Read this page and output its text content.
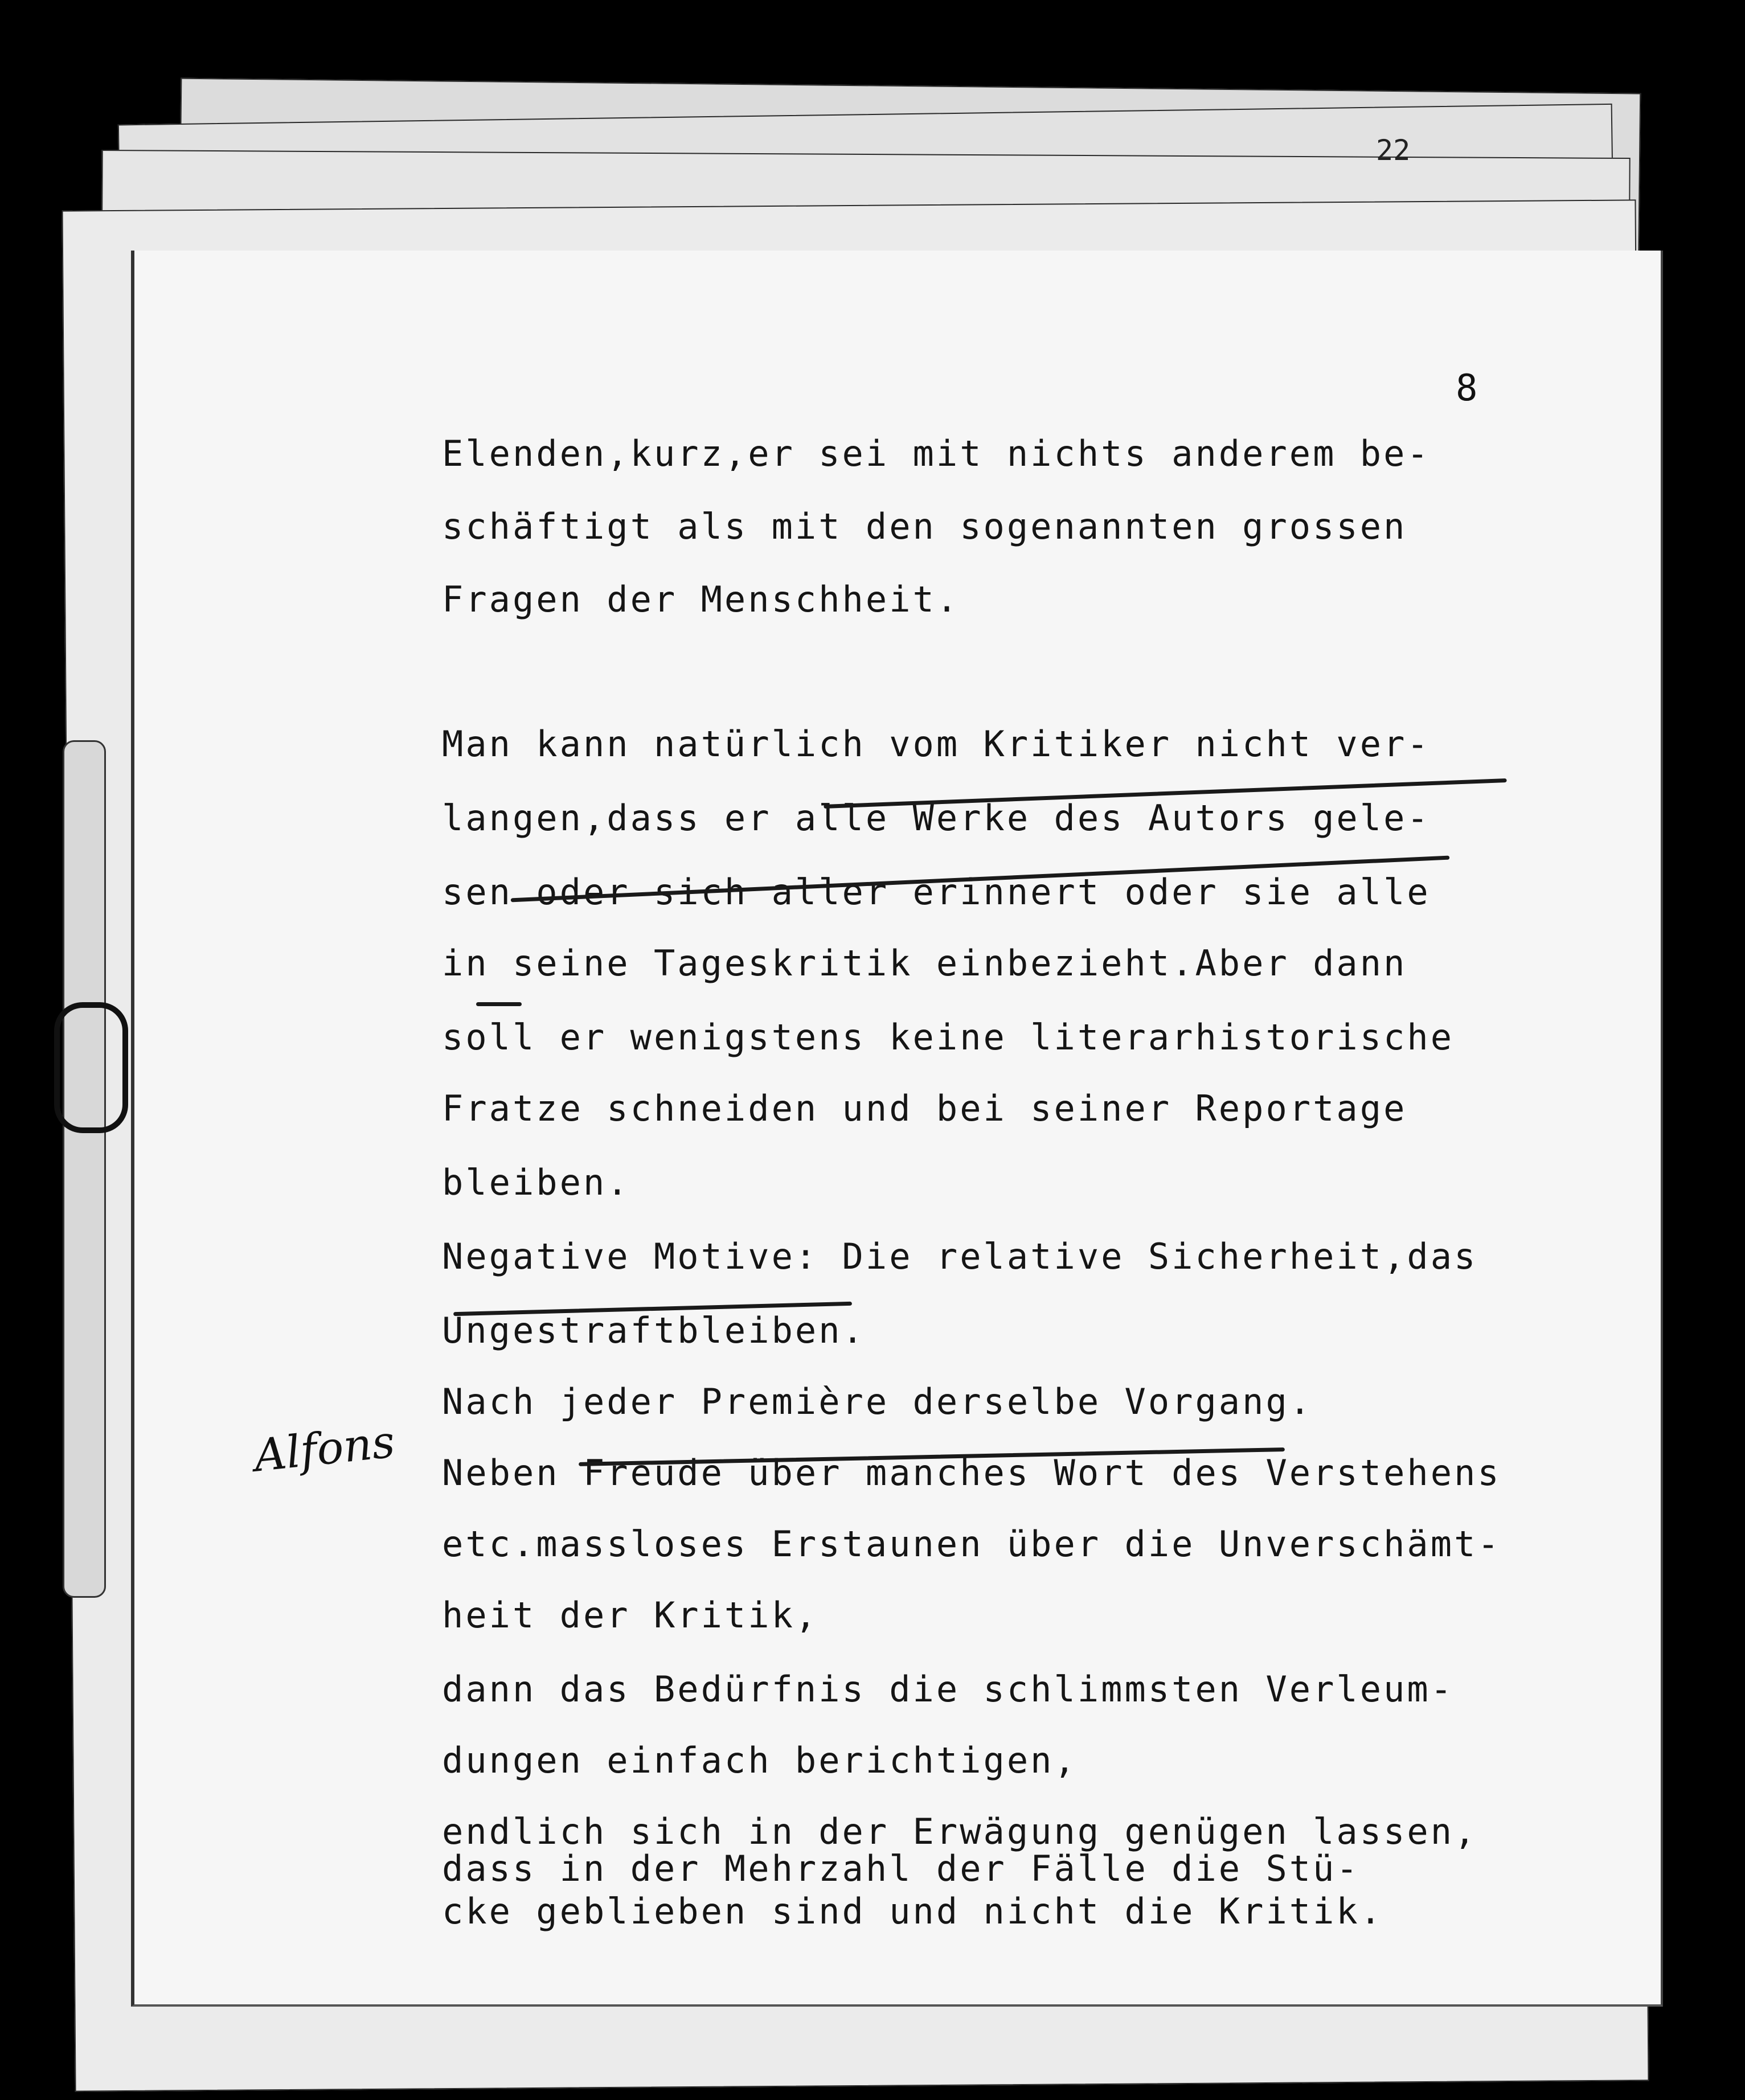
22

8

Elenden,kurz,er sei mit nichts anderem be-

schäftigt als mit den sogenannten grossen

Fragen der Menschheit.

Man kann natürlich vom Kritiker nicht ver-

langen,dass er alle Werke des Autors gele-

sen oder sich aller erinnert oder sie alle

in seine Tageskritik einbezieht.Aber dann

soll er wenigstens keine literarhistorische

Fratze schneiden und bei seiner Reportage

bleiben.

Negative Motive: Die relative Sicherheit,das

Ungestraftbleiben.

Nach jeder Première derselbe Vorgang.

Neben Freude über manches Wort des Verstehens

etc.massloses Erstaunen über die Unverschämt-

heit der Kritik,

dann das Bedürfnis die schlimmsten Verleum-

dungen einfach berichtigen,

endlich sich in der Erwägung genügen lassen,

dass in der Mehrzahl der Fälle die Stü-

cke geblieben sind und nicht die Kritik.

Alfons
